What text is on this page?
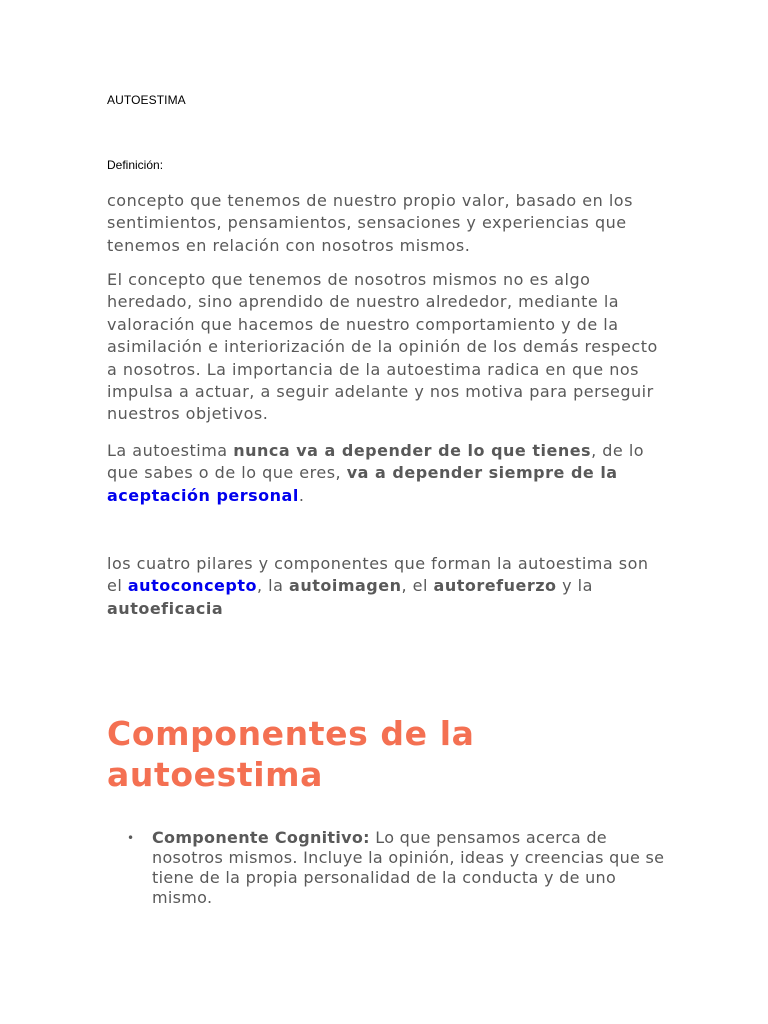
AUTOESTIMA
Definición:

concepto que tenemos de nuestro propio valor, basado en los sentimientos, pensamientos, sensaciones y experiencias que tenemos en relación con nosotros mismos.

El concepto que tenemos de nosotros mismos no es algo heredado, sino aprendido de nuestro alrededor, mediante la valoración que hacemos de nuestro comportamiento y de la asimilación e interiorización de la opinión de los demás respecto a nosotros. La importancia de la autoestima radica en que nos impulsa a actuar, a seguir adelante y nos motiva para perseguir nuestros objetivos.

La autoestima nunca va a depender de lo que tienes, de lo que sabes o de lo que eres, va a depender siempre de la aceptación personal.

los cuatro pilares y componentes que forman la autoestima son el autoconcepto, la autoimagen, el autorefuerzo y la autoeficacia

Componentes de la autoestima
• Componente Cognitivo: Lo que pensamos acerca de nosotros mismos. Incluye la opinión, ideas y creencias que se tiene de la propia personalidad de la conducta y de uno mismo.
